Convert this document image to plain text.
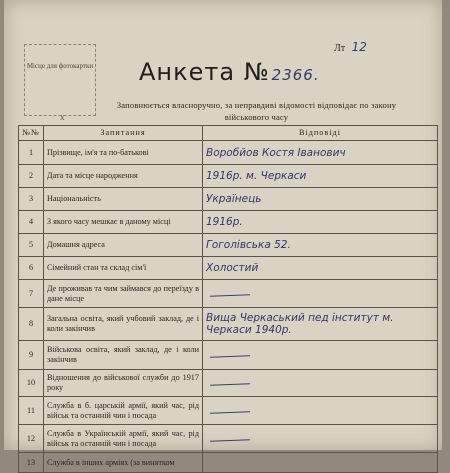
Лт 12
Місце для фотокартки
х
Анкета № 2366.
Заповнюється власноручно, за неправдиві відомості відповідає по закону військового часу
№№	Запитання	Відповіді
1	Прізвище, ім'я та по-батькові	Воробйов Костя Іванович
2	Дата та місце народження	1916р. м. Черкаси
3	Національність	Українець
4	З якого часу мешкає в даному місці	1916р.
5	Домашня адреса	Гоголівська 52.
6	Сімейний стан та склад сім'ї	Холостий
7	Де проживав та чим займався до переїзду в дане місце	
8	Загальна освіта, який учбовий заклад, де і коли закінчив	Вища Черкаський пед інститут м. Черкаси 1940р.
9	Військова освіта, який заклад, де і коли закінчив	
10	Відношення до військової служби до 1917 року	
11	Служба в б. царській армії, який час, рід військ та останній чин і посада	
12	Служба в Українській армії, який час, рід військ та останній чин і посада	
13	Служба в інших арміях (за винятком	
